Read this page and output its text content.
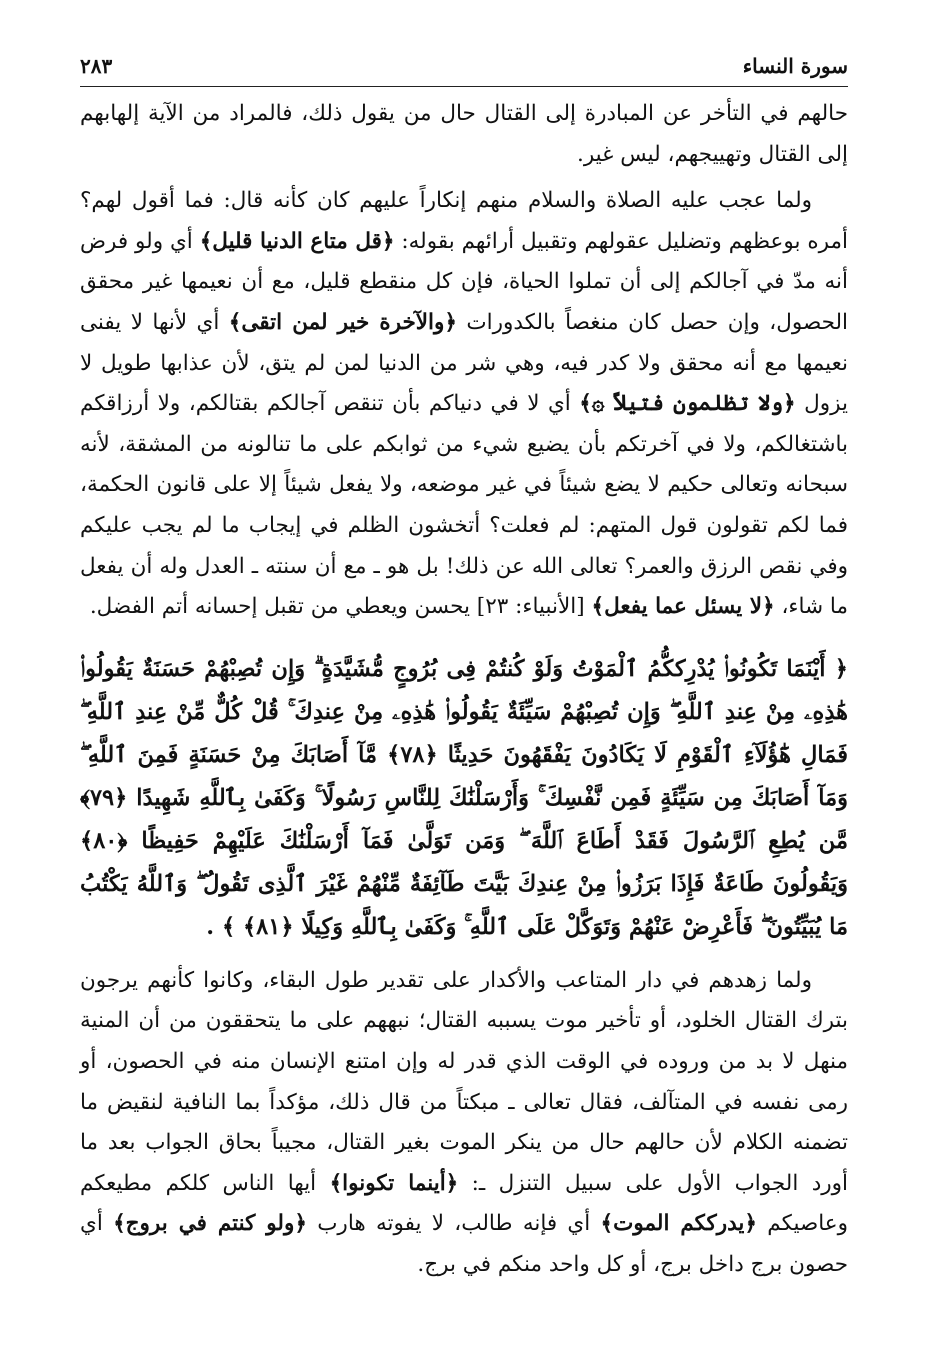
سورة النساء
٢٨٣

حالهم في التأخر عن المبادرة إلى القتال حال من يقول ذلك، فالمراد من الآية إلهابهم إلى القتال وتهييجهم، ليس غير.

ولما عجب عليه الصلاة والسلام منهم إنكاراً عليهم كان كأنه قال: فما أقول لهم؟ أمره بوعظهم وتضليل عقولهم وتقبيل أرائهم بقوله: ﴿قل متاع الدنيا قليل﴾ أي ولو فرض أنه مدّ في آجالكم إلى أن تملوا الحياة، فإن كل منقطع قليل، مع أن نعيمها غير محقق الحصول، وإن حصل كان منغصاً بالكدورات ﴿والآخرة خير لمن اتقى﴾ أي لأنها لا يفنى نعيمها مع أنه محقق ولا كدر فيه، وهي شر من الدنيا لمن لم يتق، لأن عذابها طويل لا يزول ﴿ولا تظلمون فتيلاً ۞﴾ أي لا في دنياكم بأن تنقص آجالكم بقتالكم، ولا أرزاقكم باشتغالكم، ولا في آخرتكم بأن يضيع شيء من ثوابكم على ما تنالونه من المشقة، لأنه سبحانه وتعالى حكيم لا يضع شيئاً في غير موضعه، ولا يفعل شيئاً إلا على قانون الحكمة، فما لكم تقولون قول المتهم: لم فعلت؟ أتخشون الظلم في إيجاب ما لم يجب عليكم وفي نقص الرزق والعمر؟ تعالى الله عن ذلك! بل هو ـ مع أن سنته ـ العدل وله أن يفعل ما شاء، ﴿لا يسئل عما يفعل﴾ [الأنبياء: ٢٣] يحسن ويعطي من تقبل إحسانه أتم الفضل.

﴿ أَيْنَمَا تَكُونُوا۟ يُدْرِككُّمُ ٱلْمَوْتُ وَلَوْ كُنتُمْ فِى بُرُوجٍ مُّشَيَّدَةٍ ۗ وَإِن تُصِبْهُمْ حَسَنَةٌ يَقُولُوا۟ هَٰذِهِۦ مِنْ عِندِ ٱللَّهِ ۖ وَإِن تُصِبْهُمْ سَيِّئَةٌ يَقُولُوا۟ هَٰذِهِۦ مِنْ عِندِكَ ۚ قُلْ كُلٌّ مِّنْ عِندِ ٱللَّهِ ۖ فَمَالِ هَٰٓؤُلَآءِ ٱلْقَوْمِ لَا يَكَادُونَ يَفْقَهُونَ حَدِيثًا ﴿٧٨﴾ مَّآ أَصَابَكَ مِنْ حَسَنَةٍ فَمِنَ ٱللَّهِ ۖ وَمَآ أَصَابَكَ مِن سَيِّئَةٍ فَمِن نَّفْسِكَ ۚ وَأَرْسَلْنَٰكَ لِلنَّاسِ رَسُولًا ۚ وَكَفَىٰ بِٱللَّهِ شَهِيدًا ﴿٧٩﴾ مَّن يُطِعِ ٱلرَّسُولَ فَقَدْ أَطَاعَ ٱللَّهَ ۖ وَمَن تَوَلَّىٰ فَمَآ أَرْسَلْنَٰكَ عَلَيْهِمْ حَفِيظًا ﴿٨٠﴾ وَيَقُولُونَ طَاعَةٌ فَإِذَا بَرَزُوا۟ مِنْ عِندِكَ بَيَّتَ طَآئِفَةٌ مِّنْهُمْ غَيْرَ ٱلَّذِى تَقُولُ ۖ وَٱللَّهُ يَكْتُبُ مَا يُبَيِّتُونَ ۖ فَأَعْرِضْ عَنْهُمْ وَتَوَكَّلْ عَلَى ٱللَّهِ ۚ وَكَفَىٰ بِٱللَّهِ وَكِيلًا ﴿٨١﴾ ﴾ .

ولما زهدهم في دار المتاعب والأكدار على تقدير طول البقاء، وكانوا كأنهم يرجون بترك القتال الخلود، أو تأخير موت يسببه القتال؛ نبههم على ما يتحققون من أن المنية منهل لا بد من وروده في الوقت الذي قدر له وإن امتنع الإنسان منه في الحصون، أو رمى نفسه في المتآلف، فقال تعالى ـ مبكتاً من قال ذلك، مؤكداً بما النافية لنقيض ما تضمنه الكلام لأن حالهم حال من ينكر الموت بغير القتال، مجيباً بحاق الجواب بعد ما أورد الجواب الأول على سبيل التنزل ـ: ﴿أينما تكونوا﴾ أيها الناس كلكم مطيعكم وعاصيكم ﴿يدرككم الموت﴾ أي فإنه طالب، لا يفوته هارب ﴿ولو كنتم في بروج﴾ أي حصون برج داخل برج، أو كل واحد منكم في برج.
